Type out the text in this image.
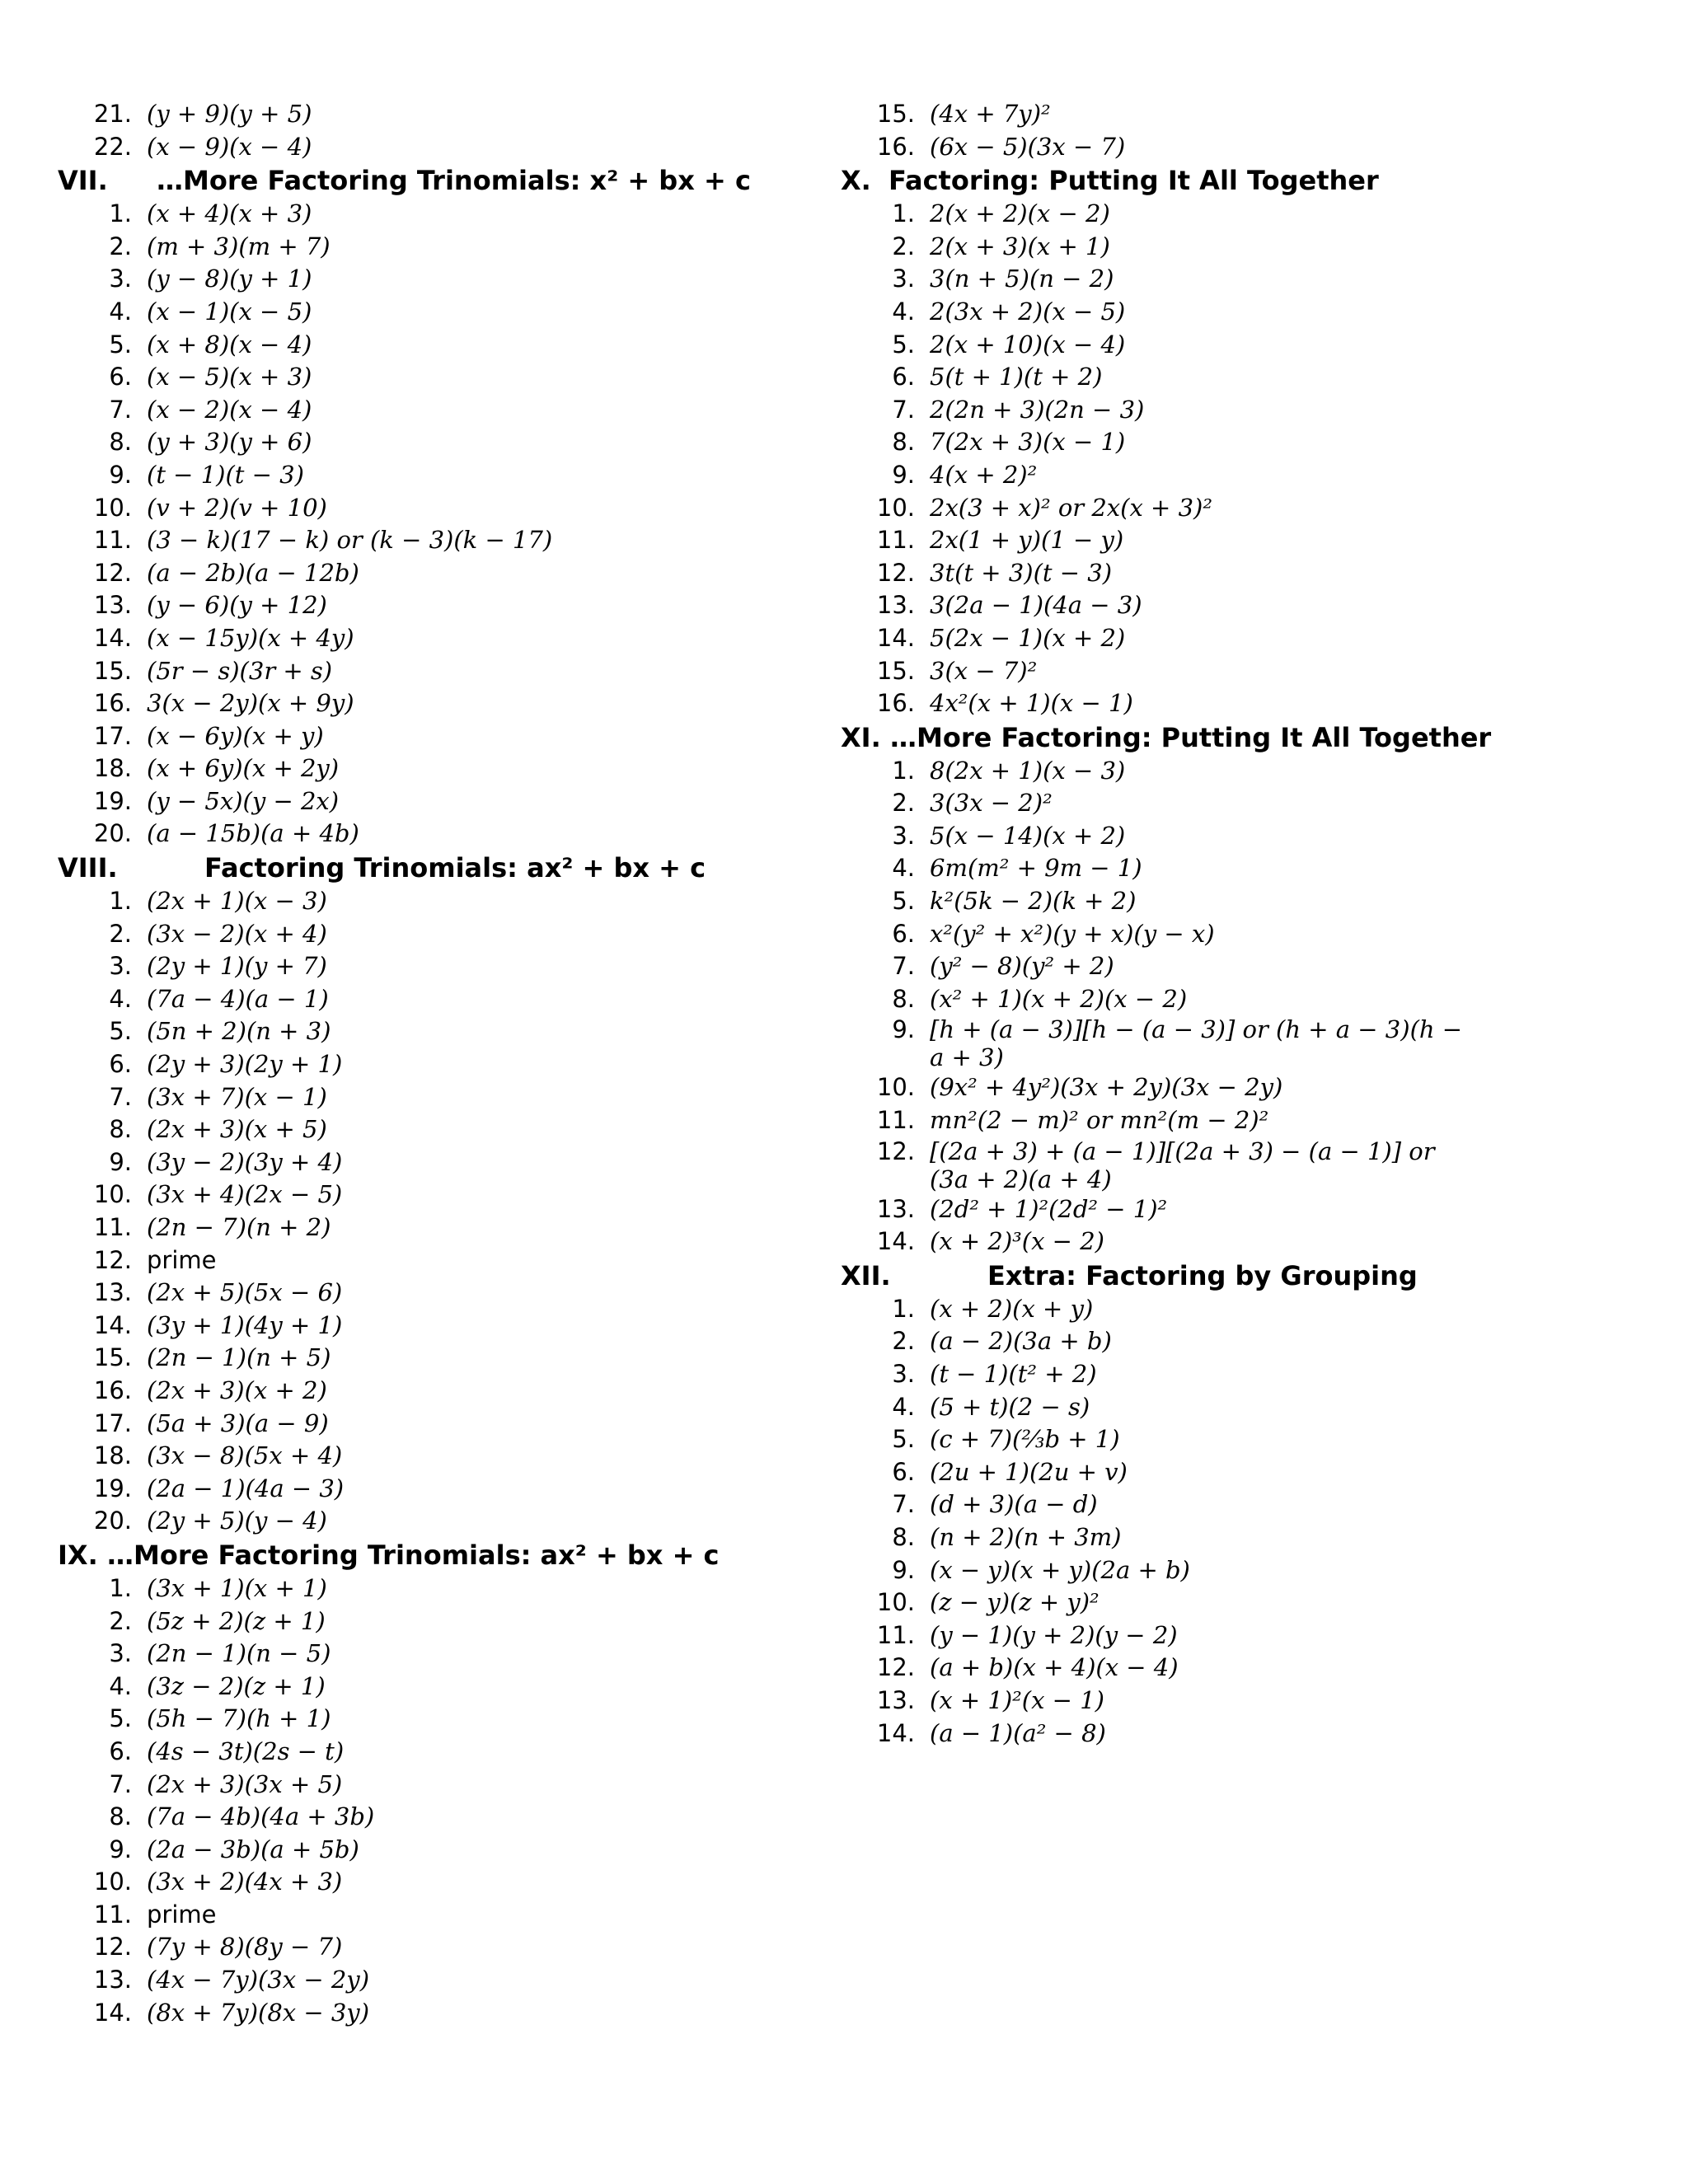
21. (y + 9)(y + 5)
22. (x − 9)(x − 4)
VII. …More Factoring Trinomials: x² + bx + c
1. (x + 4)(x + 3)
2. (m + 3)(m + 7)
3. (y − 8)(y + 1)
4. (x − 1)(x − 5)
5. (x + 8)(x − 4)
6. (x − 5)(x + 3)
7. (x − 2)(x − 4)
8. (y + 3)(y + 6)
9. (t − 1)(t − 3)
10. (v + 2)(v + 10)
11. (3 − k)(17 − k) or (k − 3)(k − 17)
12. (a − 2b)(a − 12b)
13. (y − 6)(y + 12)
14. (x − 15y)(x + 4y)
15. (5r − s)(3r + s)
16. 3(x − 2y)(x + 9y)
17. (x − 6y)(x + y)
18. (x + 6y)(x + 2y)
19. (y − 5x)(y − 2x)
20. (a − 15b)(a + 4b)
VIII.	Factoring Trinomials: ax² + bx + c
1. (2x + 1)(x − 3)
2. (3x − 2)(x + 4)
3. (2y + 1)(y + 7)
4. (7a − 4)(a − 1)
5. (5n + 2)(n + 3)
6. (2y + 3)(2y + 1)
7. (3x + 7)(x − 1)
8. (2x + 3)(x + 5)
9. (3y − 2)(3y + 4)
10. (3x + 4)(2x − 5)
11. (2n − 7)(n + 2)
12. prime
13. (2x + 5)(5x − 6)
14. (3y + 1)(4y + 1)
15. (2n − 1)(n + 5)
16. (2x + 3)(x + 2)
17. (5a + 3)(a − 9)
18. (3x − 8)(5x + 4)
19. (2a − 1)(4a − 3)
20. (2y + 5)(y − 4)
IX. …More Factoring Trinomials: ax² + bx + c
1. (3x + 1)(x + 1)
2. (5z + 2)(z + 1)
3. (2n − 1)(n − 5)
4. (3z − 2)(z + 1)
5. (5h − 7)(h + 1)
6. (4s − 3t)(2s − t)
7. (2x + 3)(3x + 5)
8. (7a − 4b)(4a + 3b)
9. (2a − 3b)(a + 5b)
10. (3x + 2)(4x + 3)
11. prime
12. (7y + 8)(8y − 7)
13. (4x − 7y)(3x − 2y)
14. (8x + 7y)(8x − 3y)
15. (4x + 7y)²
16. (6x − 5)(3x − 7)
X. Factoring: Putting It All Together
1. 2(x + 2)(x − 2)
2. 2(x + 3)(x + 1)
3. 3(n + 5)(n − 2)
4. 2(3x + 2)(x − 5)
5. 2(x + 10)(x − 4)
6. 5(t + 1)(t + 2)
7. 2(2n + 3)(2n − 3)
8. 7(2x + 3)(x − 1)
9. 4(x + 2)²
10. 2x(3 + x)² or 2x(x + 3)²
11. 2x(1 + y)(1 − y)
12. 3t(t + 3)(t − 3)
13. 3(2a − 1)(4a − 3)
14. 5(2x − 1)(x + 2)
15. 3(x − 7)²
16. 4x²(x + 1)(x − 1)
XI. …More Factoring: Putting It All Together
1. 8(2x + 1)(x − 3)
2. 3(3x − 2)²
3. 5(x − 14)(x + 2)
4. 6m(m² + 9m − 1)
5. k²(5k − 2)(k + 2)
6. x²(y² + x²)(y + x)(y − x)
7. (y² − 8)(y² + 2)
8. (x² + 1)(x + 2)(x − 2)
9. [h + (a − 3)][h − (a − 3)] or (h + a − 3)(h − a + 3)
10. (9x² + 4y²)(3x + 2y)(3x − 2y)
11. mn²(2 − m)² or mn²(m − 2)²
12. [(2a + 3) + (a − 1)][(2a + 3) − (a − 1)] or (3a + 2)(a + 4)
13. (2d² + 1)²(2d² − 1)²
14. (x + 2)³(x − 2)
XII.	Extra: Factoring by Grouping
1. (x + 2)(x + y)
2. (a − 2)(3a + b)
3. (t − 1)(t² + 2)
4. (5 + t)(2 − s)
5. (c + 7)(⅔b + 1)
6. (2u + 1)(2u + v)
7. (d + 3)(a − d)
8. (n + 2)(n + 3m)
9. (x − y)(x + y)(2a + b)
10. (z − y)(z + y)²
11. (y − 1)(y + 2)(y − 2)
12. (a + b)(x + 4)(x − 4)
13. (x + 1)²(x − 1)
14. (a − 1)(a² − 8)
